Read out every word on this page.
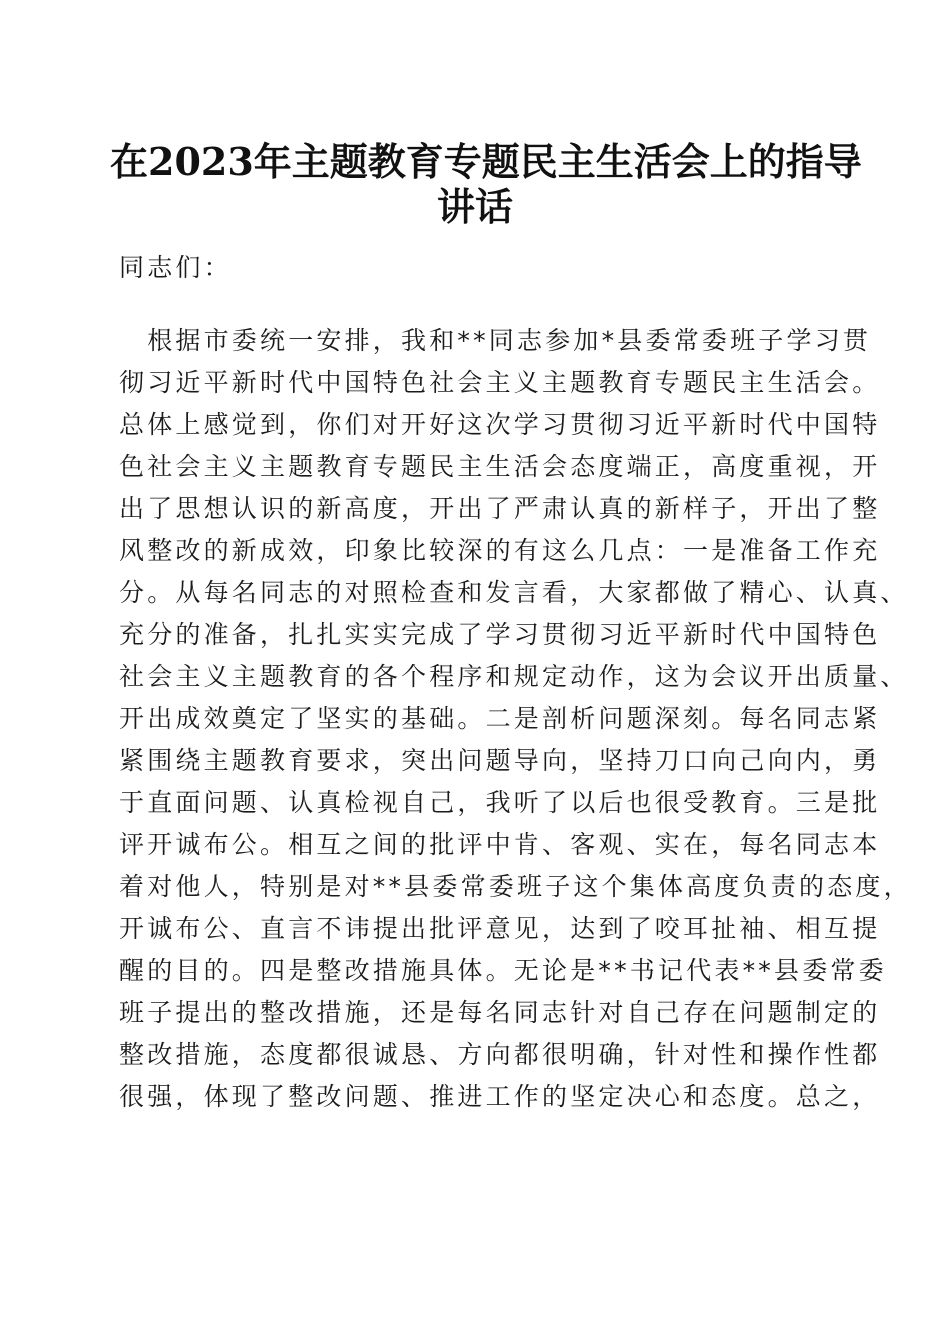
在2023年主题教育专题民主生活会上的指导
讲话
同志们：
　根据市委统一安排，我和**同志参加*县委常委班子学习贯
彻习近平新时代中国特色社会主义主题教育专题民主生活会。
总体上感觉到，你们对开好这次学习贯彻习近平新时代中国特
色社会主义主题教育专题民主生活会态度端正，高度重视，开
出了思想认识的新高度，开出了严肃认真的新样子，开出了整
风整改的新成效，印象比较深的有这么几点：一是准备工作充
分。从每名同志的对照检查和发言看，大家都做了精心、认真、
充分的准备，扎扎实实完成了学习贯彻习近平新时代中国特色
社会主义主题教育的各个程序和规定动作，这为会议开出质量、
开出成效奠定了坚实的基础。二是剖析问题深刻。每名同志紧
紧围绕主题教育要求，突出问题导向，坚持刀口向己向内，勇
于直面问题、认真检视自己，我听了以后也很受教育。三是批
评开诚布公。相互之间的批评中肯、客观、实在，每名同志本
着对他人，特别是对**县委常委班子这个集体高度负责的态度，
开诚布公、直言不讳提出批评意见，达到了咬耳扯袖、相互提
醒的目的。四是整改措施具体。无论是**书记代表**县委常委
班子提出的整改措施，还是每名同志针对自己存在问题制定的
整改措施，态度都很诚恳、方向都很明确，针对性和操作性都
很强，体现了整改问题、推进工作的坚定决心和态度。总之，
